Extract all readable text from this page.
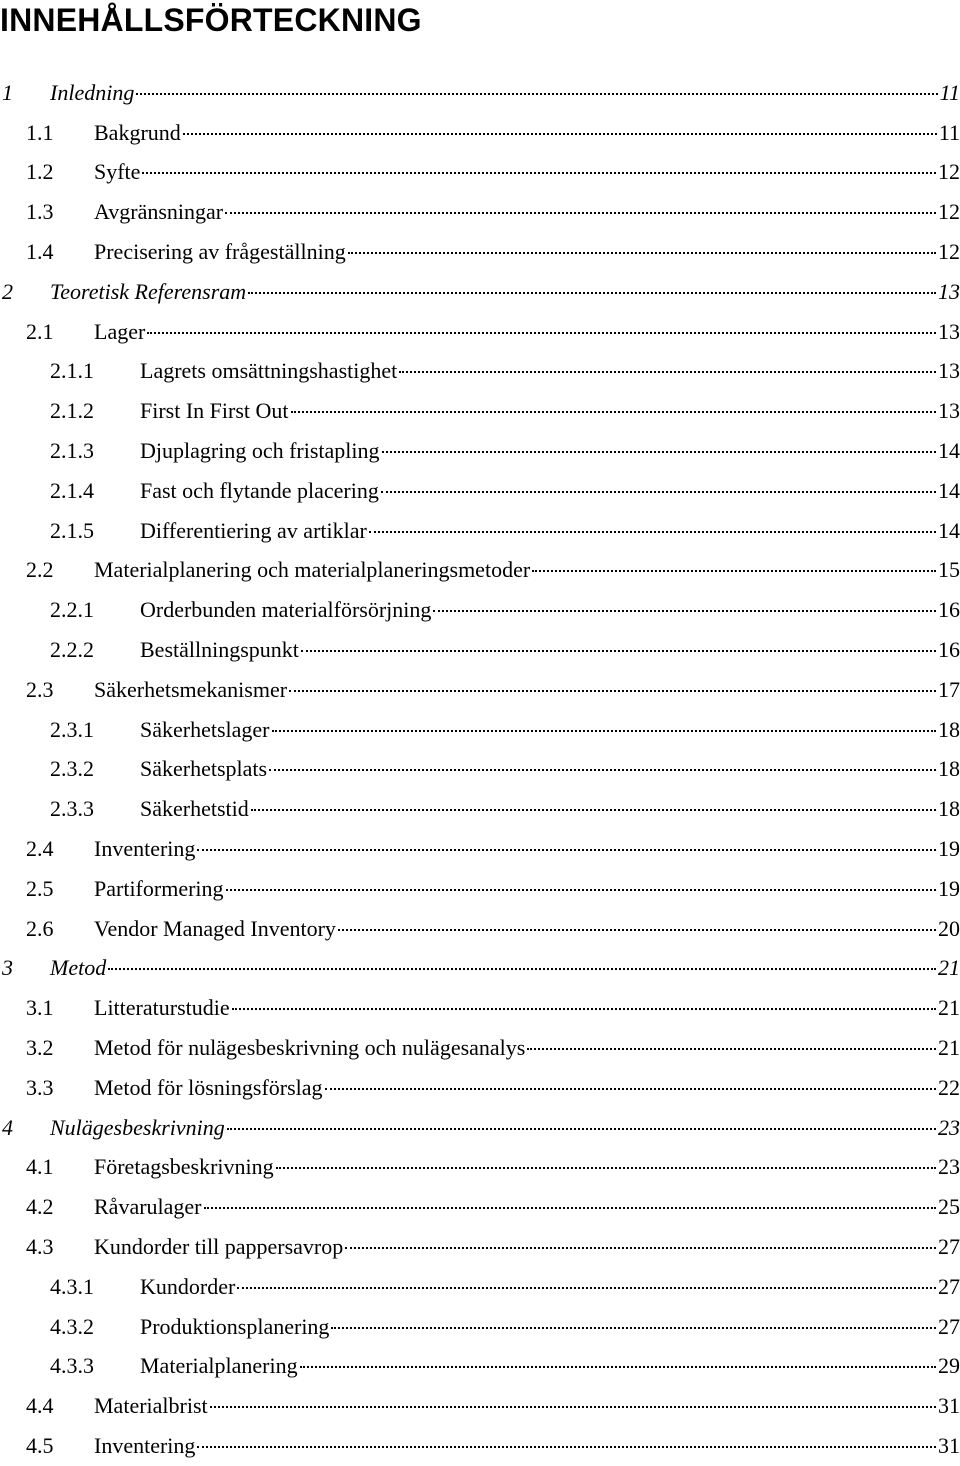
INNEHÅLLSFÖRTECKNING
1 Inledning	11
1.1 Bakgrund	11
1.2 Syfte	12
1.3 Avgränsningar	12
1.4 Precisering av frågeställning	12
2 Teoretisk Referensram	13
2.1 Lager	13
2.1.1 Lagrets omsättningshastighet	13
2.1.2 First In First Out	13
2.1.3 Djuplagring och fristapling	14
2.1.4 Fast och flytande placering	14
2.1.5 Differentiering av artiklar	14
2.2 Materialplanering och materialplaneringsmetoder	15
2.2.1 Orderbunden materialförsörjning	16
2.2.2 Beställningspunkt	16
2.3 Säkerhetsmekanismer	17
2.3.1 Säkerhetslager	18
2.3.2 Säkerhetsplats	18
2.3.3 Säkerhetstid	18
2.4 Inventering	19
2.5 Partiformering	19
2.6 Vendor Managed Inventory	20
3 Metod	21
3.1 Litteraturstudie	21
3.2 Metod för nulägesbeskrivning och nulägesanalys	21
3.3 Metod för lösningsförslag	22
4 Nulägesbeskrivning	23
4.1 Företagsbeskrivning	23
4.2 Råvarulager	25
4.3 Kundorder till pappersavrop	27
4.3.1 Kundorder	27
4.3.2 Produktionsplanering	27
4.3.3 Materialplanering	29
4.4 Materialbrist	31
4.5 Inventering	31
